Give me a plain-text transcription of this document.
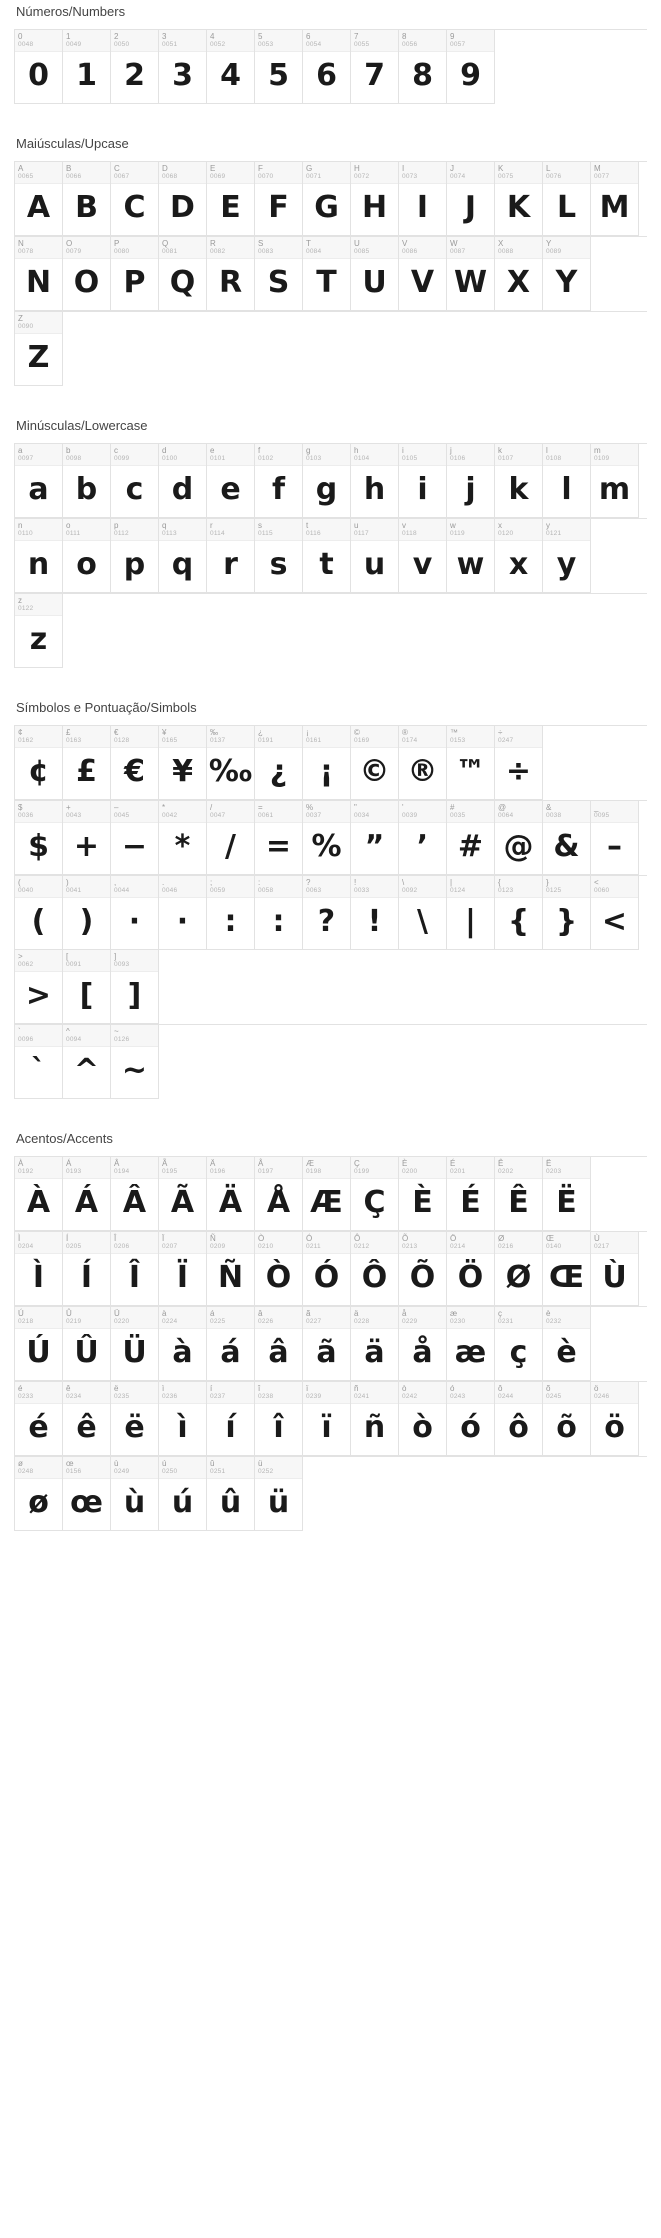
Números/Numbers
0
0048
0
1
0049
1
2
0050
2
3
0051
3
4
0052
4
5
0053
5
6
0054
6
7
0055
7
8
0056
8
9
0057
9
Maiúsculas/Upcase
A
0065
A
B
0066
B
C
0067
C
D
0068
D
E
0069
E
F
0070
F
G
0071
G
H
0072
H
I
0073
I
J
0074
J
K
0075
K
L
0076
L
M
0077
M
N
0078
N
O
0079
O
P
0080
P
Q
0081
Q
R
0082
R
S
0083
S
T
0084
T
U
0085
U
V
0086
V
W
0087
W
X
0088
X
Y
0089
Y
Z
0090
Z
Minúsculas/Lowercase
a
0097
a
b
0098
b
c
0099
c
d
0100
d
e
0101
e
f
0102
f
g
0103
g
h
0104
h
i
0105
i
j
0106
j
k
0107
k
l
0108
l
m
0109
m
n
0110
n
o
0111
o
p
0112
p
q
0113
q
r
0114
r
s
0115
s
t
0116
t
u
0117
u
v
0118
v
w
0119
w
x
0120
x
y
0121
y
z
0122
z
Símbolos e Pontuação/Simbols
¢
0162
¢
£
0163
£
€
0128
€
¥
0165
¥
‰
0137
‰
¿
0191
¿
¡
0161
¡
©
0169
©
®
0174
®
™
0153
™
÷
0247
÷
$
0036
$
+
0043
+
–
0045
−
*
0042
*
/
0047
/
=
0061
=
%
0037
%
"
0034
”
'
0039
’
#
0035
#
@
0064
@
&
0038
&
_
0095
–
(
0040
(
)
0041
)
,
0044
·
.
0046
·
;
0059
:
:
0058
:
?
0063
?
!
0033
!
\
0092
\
|
0124
|
{
0123
{
}
0125
}
<
0060
<
>
0062
>
[
0091
[
]
0093
]
`
0096
`
^
0094
^
~
0126
~
Acentos/Accents
À
0192
À
Á
0193
Á
Â
0194
Â
Ã
0195
Ã
Ä
0196
Ä
Å
0197
Å
Æ
0198
Æ
Ç
0199
Ç
È
0200
È
É
0201
É
Ê
0202
Ê
Ë
0203
Ë
Ì
0204
Ì
Í
0205
Í
Î
0206
Î
Ï
0207
Ï
Ñ
0209
Ñ
Ò
0210
Ò
Ó
0211
Ó
Ô
0212
Ô
Õ
0213
Õ
Ö
0214
Ö
Ø
0216
Ø
Œ
0140
Œ
Ù
0217
Ù
Ú
0218
Ú
Û
0219
Û
Ü
0220
Ü
à
0224
à
á
0225
á
â
0226
â
ã
0227
ã
ä
0228
ä
å
0229
å
æ
0230
æ
ç
0231
ç
è
0232
è
é
0233
é
ê
0234
ê
ë
0235
ë
ì
0236
ì
í
0237
í
î
0238
î
ï
0239
ï
ñ
0241
ñ
ò
0242
ò
ó
0243
ó
ô
0244
ô
õ
0245
õ
ö
0246
ö
ø
0248
ø
œ
0156
œ
ù
0249
ù
ú
0250
ú
û
0251
û
ü
0252
ü
